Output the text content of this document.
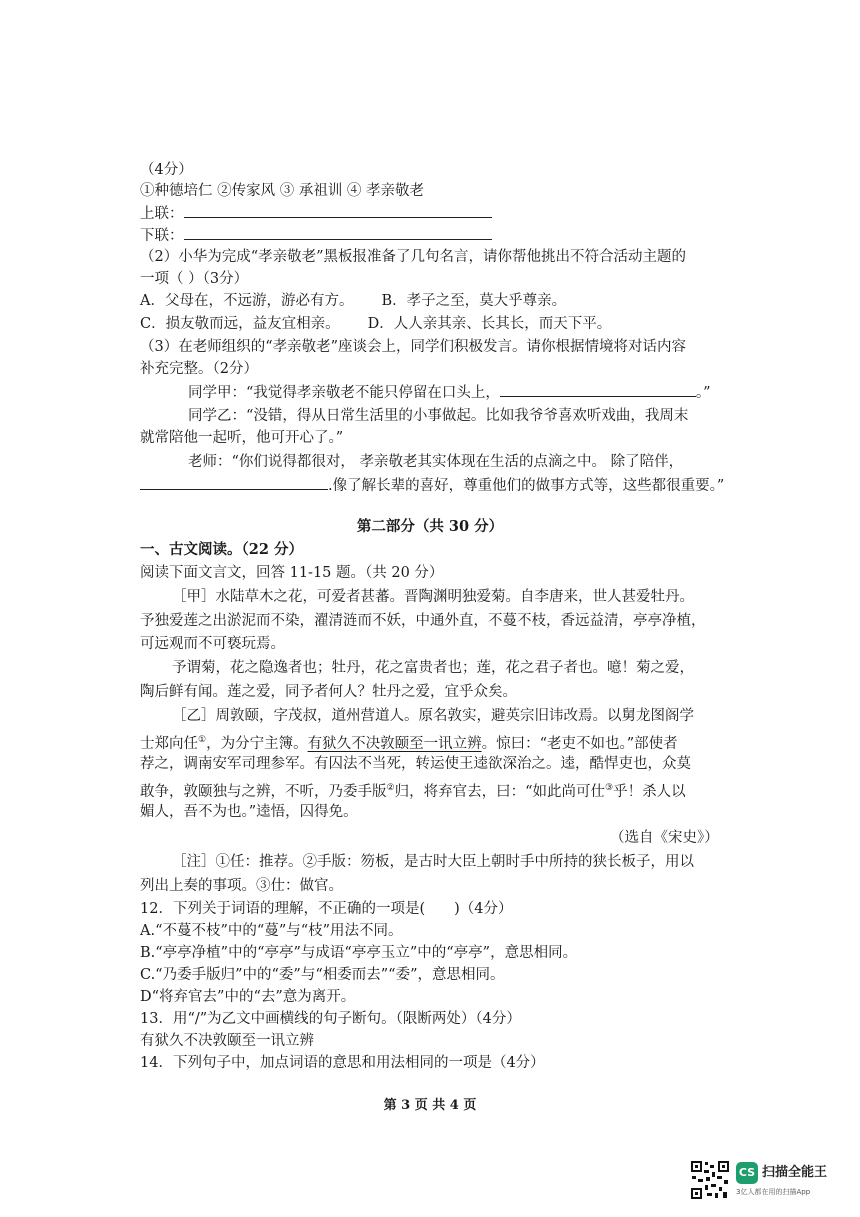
（4分）
①种德培仁 ②传家风 ③ 承祖训 ④ 孝亲敬老
上联：
下联：
（2）小华为完成“孝亲敬老”黑板报准备了几句名言，请你帮他挑出不符合活动主题的
一项（ ）（3分）
A．父母在，不远游，游必有方。 B．孝子之至，莫大乎尊亲。
C．损友敬而远，益友宜相亲。 D．人人亲其亲、长其长，而天下平。
（3）在老师组织的“孝亲敬老”座谈会上，同学们积极发言。请你根据情境将对话内容
补充完整。（2分）
同学甲：“我觉得孝亲敬老不能只停留在口头上，	。”
同学乙：“没错，得从日常生活里的小事做起。比如我爷爷喜欢听戏曲，我周末
就常陪他一起听，他可开心了。”
老师：“你们说得都很对， 孝亲敬老其实体现在生活的点滴之中。 除了陪伴，
.像了解长辈的喜好，尊重他们的做事方式等，这些都很重要。”
第二部分（共 30 分）
一、古文阅读。（22 分）
阅读下面文言文，回答 11-15 题。（共 20 分）
［甲］水陆草木之花，可爱者甚蕃。晋陶渊明独爱菊。自李唐来，世人甚爱牡丹。
予独爱莲之出淤泥而不染，濯清涟而不妖，中通外直，不蔓不枝，香远益清，亭亭净植，
可远观而不可亵玩焉。
予谓菊，花之隐逸者也；牡丹，花之富贵者也；莲，花之君子者也。噫！菊之爱，
陶后鲜有闻。莲之爱，同予者何人？牡丹之爱，宜乎众矣。
［乙］周敦颐，字茂叔，道州营道人。原名敦实，避英宗旧讳改焉。以舅龙图阁学
士郑向任①，为分宁主簿。有狱久不决敦颐至一讯立辨。惊曰：“老吏不如也。”部使者
荐之，调南安军司理参军。有囚法不当死，转运使王逵欲深治之。逵，酷悍吏也，众莫
敢争，敦颐独与之辨，不听，乃委手版②归，将弃官去，曰：“如此尚可仕③乎！杀人以
媚人，吾不为也。”逵悟，囚得免。
（选自《宋史》）
［注］①任：推荐。②手版：笏板，是古时大臣上朝时手中所持的狭长板子，用以
列出上奏的事项。③仕：做官。
12．下列关于词语的理解，不正确的一项是(　　)（4分）
A.“不蔓不枝”中的“蔓”与“枝”用法不同。
B.“亭亭净植”中的“亭亭”与成语“亭亭玉立”中的“亭亭”，意思相同。
C.“乃委手版归”中的“委”与“相委而去”“委”，意思相同。
D“将弃官去”中的“去”意为离开。
13．用“/”为乙文中画横线的句子断句。（限断两处）（4分）
有狱久不决敦颐至一讯立辨
14．下列句子中，加点词语的意思和用法相同的一项是（4分）
第 3 页 共 4 页
CS 扫描全能王
3亿人都在用的扫描App
